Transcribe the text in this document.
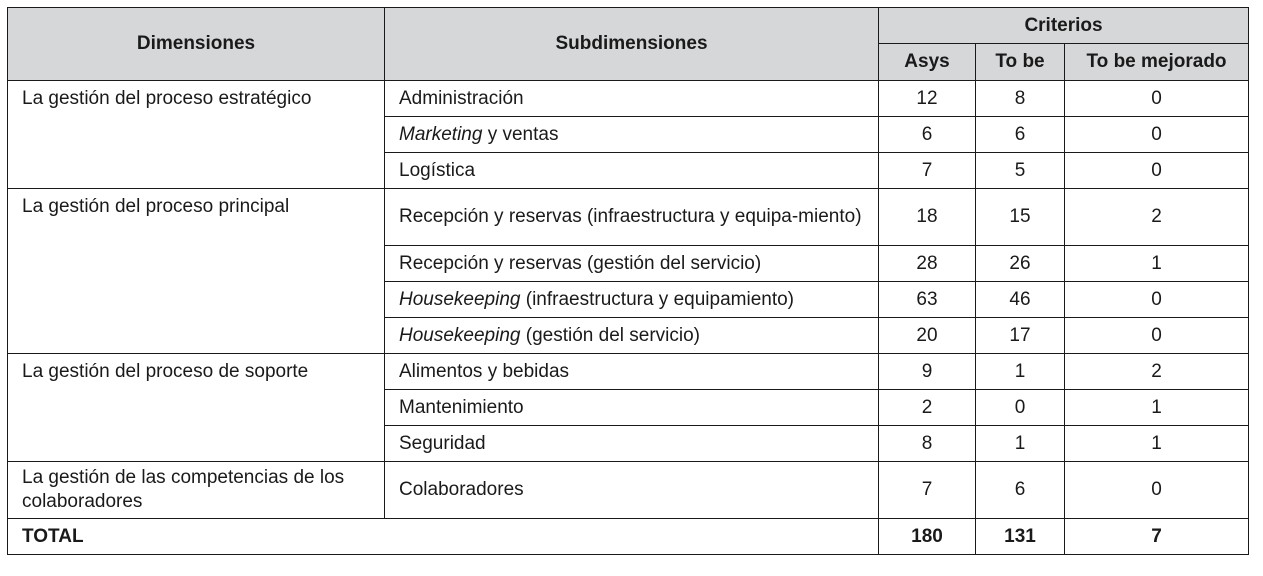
Dimensiones	Subdimensiones	Criterios		
		Asys	To be	To be mejorado
La gestión del proceso estratégico	Administración	12	8	0
	Marketing y ventas	6	6	0
	Logística	7	5	0
La gestión del proceso principal	Recepción y reservas (infraestructura y equipa-miento)	18	15	2
	Recepción y reservas (gestión del servicio)	28	26	1
	Housekeeping (infraestructura y equipamiento)	63	46	0
	Housekeeping (gestión del servicio)	20	17	0
La gestión del proceso de soporte	Alimentos y bebidas	9	1	2
	Mantenimiento	2	0	1
	Seguridad	8	1	1
La gestión de las competencias de los colaboradores	Colaboradores	7	6	0
TOTAL		180	131	7
